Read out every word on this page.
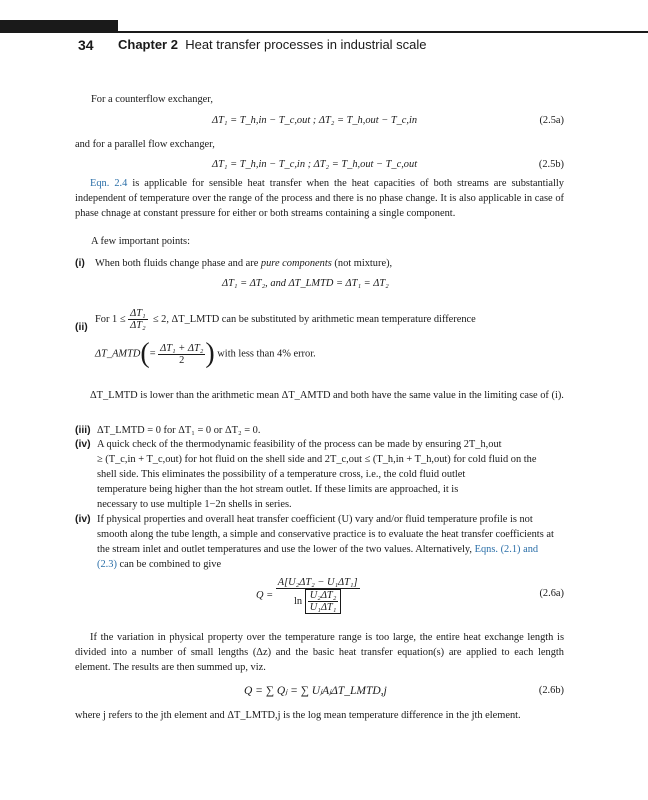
34 Chapter 2 Heat transfer processes in industrial scale

For a counterflow exchanger,

ΔT₁ = T_h,in − T_c,out ; ΔT₂ = T_h,out − T_c,in	(2.5a)

and for a parallel flow exchanger,

ΔT₁ = T_h,in − T_c,in ; ΔT₂ = T_h,out − T_c,out	(2.5b)

Eqn. 2.4 is applicable for sensible heat transfer when the heat capacities of both streams are substantially independent of temperature over the range of the process and there is no phase change. It is also applicable in case of phase chnage at constant pressure for either or both streams containing a single component.

A few important points:

(i) When both fluids change phase and are pure components (not mixture),

ΔT₁ = ΔT₂, and ΔT_LMTD = ΔT₁ = ΔT₂
(ii)
For $1 \le \frac{\text{ΔT₁}}{\text{ΔT₂}} \le 2$, ΔT_LMTD can be substituted by arithmetic mean temperature difference
ΔT_AMTD(= $\frac{\text{ΔT₁ + ΔT₂}}{2}$ ) with less than 4% error.

ΔT_LMTD is lower than the arithmetic mean ΔT_AMTD and both have the same value in the limiting case of (i).

(iii) ΔT_LMTD = 0 for ΔT₁ = 0 or ΔT₂ = 0.

(iv) A quick check of the thermodynamic feasibility of the process can be made by ensuring 2T_h,out

≥ (T_c,in + T_c,out) for hot fluid on the shell side and 2T_c,out ≤ (T_h,in + T_h,out) for cold fluid on the

shell side. This eliminates the possibility of a temperature cross, i.e., the cold fluid outlet

temperature being higher than the hot stream outlet. If these limits are approached, it is

necessary to use multiple 1−2n shells in series.

(iv) If physical properties and overall heat transfer coefficient (U) vary and/or fluid temperature profile is not smooth along the tube length, a simple and conservative practice is to evaluate the heat transfer coefficients at the stream inlet and outlet temperatures and use the lower of the two values. Alternatively, Eqns. (2.1) and (2.3) can be combined to give

$Q = \frac{\text{A[U₂ΔT₂ − U₁ΔT₁]}}{\ln \frac{\text{U₂ΔT₂}}{\text{U₁ΔT₁}}}$	(2.6a)

If the variation in physical property over the temperature range is too large, the entire heat exchange length is divided into a number of small lengths (Δz) and the basic heat transfer equation(s) are applied to each length element. The results are then summed up, viz.

Q = ∑ Qⱼ = ∑ UⱼAⱼΔT_LMTD,j	(2.6b)

where j refers to the jth element and ΔT_LMTD,j is the log mean temperature difference in the jth element.
